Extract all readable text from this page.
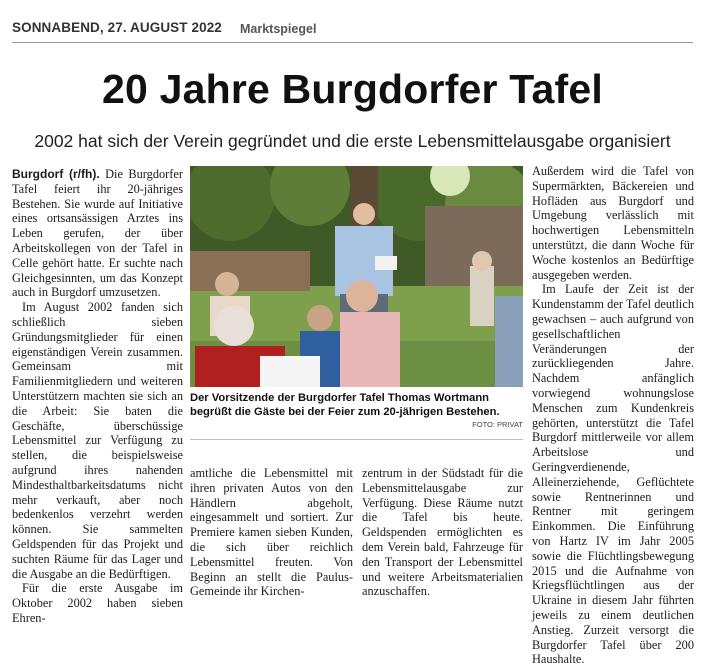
SONNABEND, 27. AUGUST 2022 Marktspiegel
20 Jahre Burgdorfer Tafel
2002 hat sich der Verein gegründet und die erste Lebensmittelausgabe organisiert

Burgdorf (r/fh). Die Burgdorfer Tafel feiert ihr 20-jähriges Bestehen. Sie wurde auf Initiative eines ortsansässigen Arztes ins Leben gerufen, der über Arbeitskollegen von der Tafel in Celle gehört hatte. Er suchte nach Gleichgesinnten, um das Konzept auch in Burgdorf umzusetzen.

Im August 2002 fanden sich schließlich sieben Gründungsmitglieder für einen eigenständigen Verein zusammen. Gemeinsam mit Familienmitgliedern und weiteren Unterstützern machten sie sich an die Arbeit: Sie baten die Geschäfte, überschüssige Lebensmittel zur Verfügung zu stellen, die beispielsweise aufgrund ihres nahenden Mindesthaltbarkeitsdatums nicht mehr verkauft, aber noch bedenkenlos verzehrt werden können. Sie sammelten Geldspenden für das Projekt und suchten Räume für das Lager und die Ausgabe an die Bedürftigen.

Für die erste Ausgabe im Oktober 2002 haben sieben Ehren-

Der Vorsitzende der Burgdorfer Tafel Thomas Wortmann begrüßt die Gäste bei der Feier zum 20-jährigen Bestehen.
FOTO: PRIVAT

amtliche die Lebensmittel mit ihren privaten Autos von den Händlern abgeholt, eingesammelt und sortiert. Zur Premiere kamen sieben Kunden, die sich über reichlich Lebensmittel freuten. Von Beginn an stellt die Paulus-Gemeinde ihr Kirchen-

zentrum in der Südstadt für die Lebensmittelausgabe zur Verfügung. Diese Räume nutzt die Tafel bis heute. Geldspenden ermöglichten es dem Verein bald, Fahrzeuge für den Transport der Lebensmittel und weitere Arbeitsmaterialien anzuschaffen.

Außerdem wird die Tafel von Supermärkten, Bäckereien und Hofläden aus Burgdorf und Umgebung verlässlich mit hochwertigen Lebensmitteln unterstützt, die dann Woche für Woche kostenlos an Bedürftige ausgegeben werden.

Im Laufe der Zeit ist der Kundenstamm der Tafel deutlich gewachsen – auch aufgrund von gesellschaftlichen Veränderungen der zurückliegenden Jahre. Nachdem anfänglich vorwiegend wohnungslose Menschen zum Kundenkreis gehörten, unterstützt die Tafel Burgdorf mittlerweile vor allem Arbeitslose und Geringverdienende, Alleinerziehende, Geflüchtete sowie Rentnerinnen und Rentner mit geringem Einkommen. Die Einführung von Hartz IV im Jahr 2005 sowie die Flüchtlingsbewegung 2015 und die Aufnahme von Kriegsflüchtlingen aus der Ukraine in diesem Jahr führten jeweils zu einem deutlichen Anstieg. Zurzeit versorgt die Burgdorfer Tafel über 200 Haushalte.
